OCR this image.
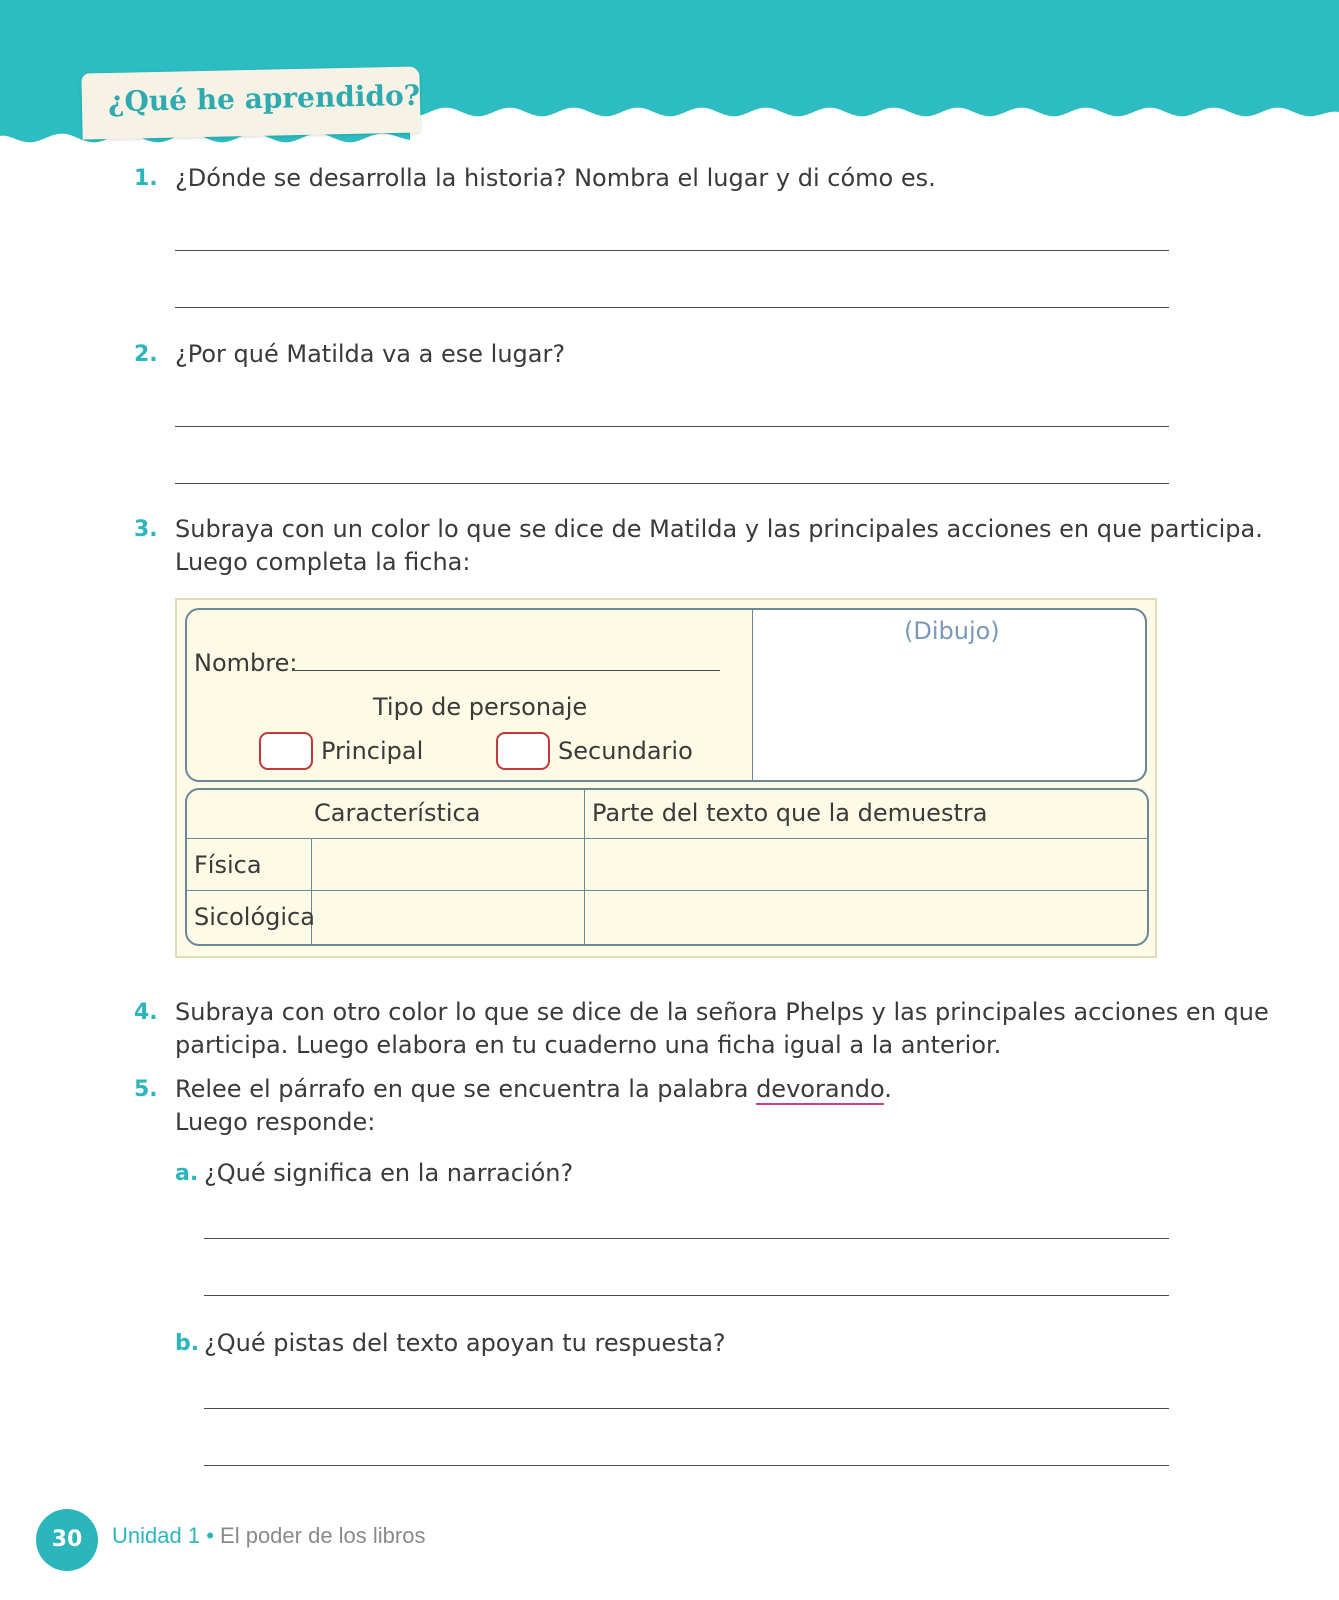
¿Qué he aprendido?
1. ¿Dónde se desarrolla la historia? Nombra el lugar y di cómo es.
2. ¿Por qué Matilda va a ese lugar?
3. Subraya con un color lo que se dice de Matilda y las principales acciones en que participa.
Luego completa la ficha:
(Dibujo)
Nombre:
Tipo de personaje
Principal	Secundario
Característica	Parte del texto que la demuestra
Física
Sicológica
4. Subraya con otro color lo que se dice de la señora Phelps y las principales acciones en que
participa. Luego elabora en tu cuaderno una ficha igual a la anterior.
5. Relee el párrafo en que se encuentra la palabra devorando.
Luego responde:
a. ¿Qué significa en la narración?
b. ¿Qué pistas del texto apoyan tu respuesta?
30	Unidad 1 • El poder de los libros
